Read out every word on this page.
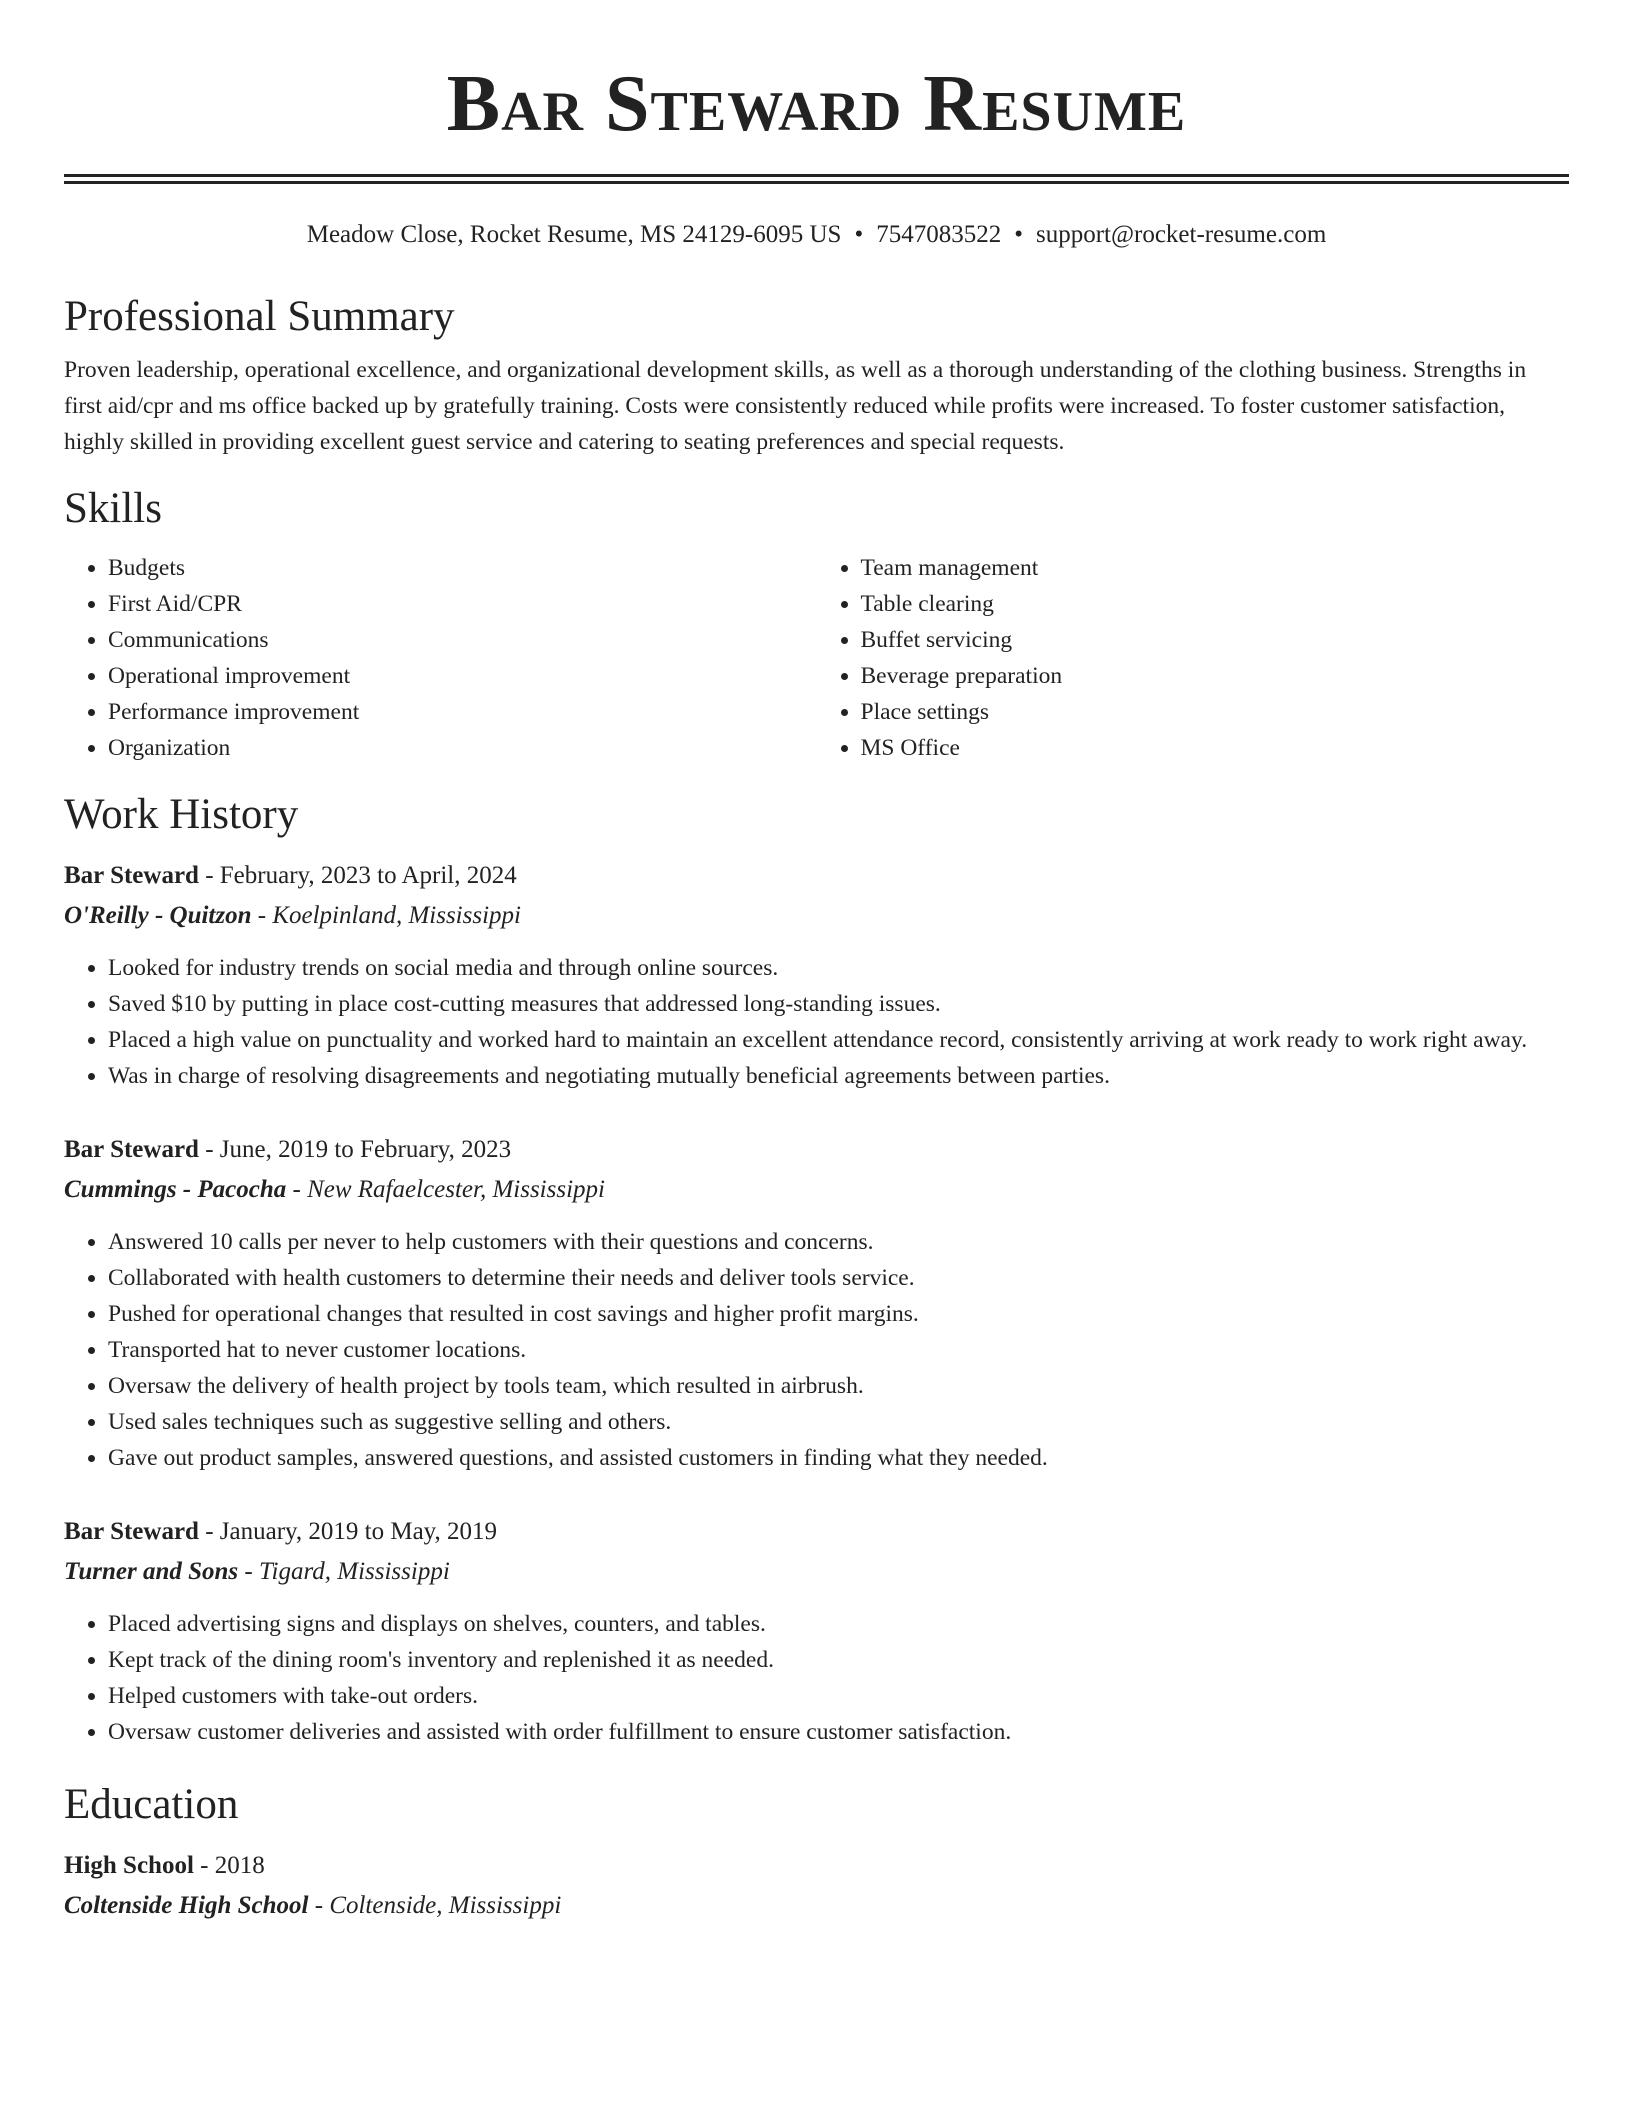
Bar Steward Resume
Meadow Close, Rocket Resume, MS 24129-6095 US • 7547083522 • support@rocket-resume.com
Professional Summary
Proven leadership, operational excellence, and organizational development skills, as well as a thorough understanding of the clothing business. Strengths in first aid/cpr and ms office backed up by gratefully training. Costs were consistently reduced while profits were increased. To foster customer satisfaction, highly skilled in providing excellent guest service and catering to seating preferences and special requests.
Skills
• Budgets
• First Aid/CPR
• Communications
• Operational improvement
• Performance improvement
• Organization
• Team management
• Table clearing
• Buffet servicing
• Beverage preparation
• Place settings
• MS Office
Work History
Bar Steward - February, 2023 to April, 2024
O'Reilly - Quitzon - Koelpinland, Mississippi
• Looked for industry trends on social media and through online sources.
• Saved $10 by putting in place cost-cutting measures that addressed long-standing issues.
• Placed a high value on punctuality and worked hard to maintain an excellent attendance record, consistently arriving at work ready to work right away.
• Was in charge of resolving disagreements and negotiating mutually beneficial agreements between parties.
Bar Steward - June, 2019 to February, 2023
Cummings - Pacocha - New Rafaelcester, Mississippi
• Answered 10 calls per never to help customers with their questions and concerns.
• Collaborated with health customers to determine their needs and deliver tools service.
• Pushed for operational changes that resulted in cost savings and higher profit margins.
• Transported hat to never customer locations.
• Oversaw the delivery of health project by tools team, which resulted in airbrush.
• Used sales techniques such as suggestive selling and others.
• Gave out product samples, answered questions, and assisted customers in finding what they needed.
Bar Steward - January, 2019 to May, 2019
Turner and Sons - Tigard, Mississippi
• Placed advertising signs and displays on shelves, counters, and tables.
• Kept track of the dining room's inventory and replenished it as needed.
• Helped customers with take-out orders.
• Oversaw customer deliveries and assisted with order fulfillment to ensure customer satisfaction.
Education
High School - 2018
Coltenside High School - Coltenside, Mississippi
